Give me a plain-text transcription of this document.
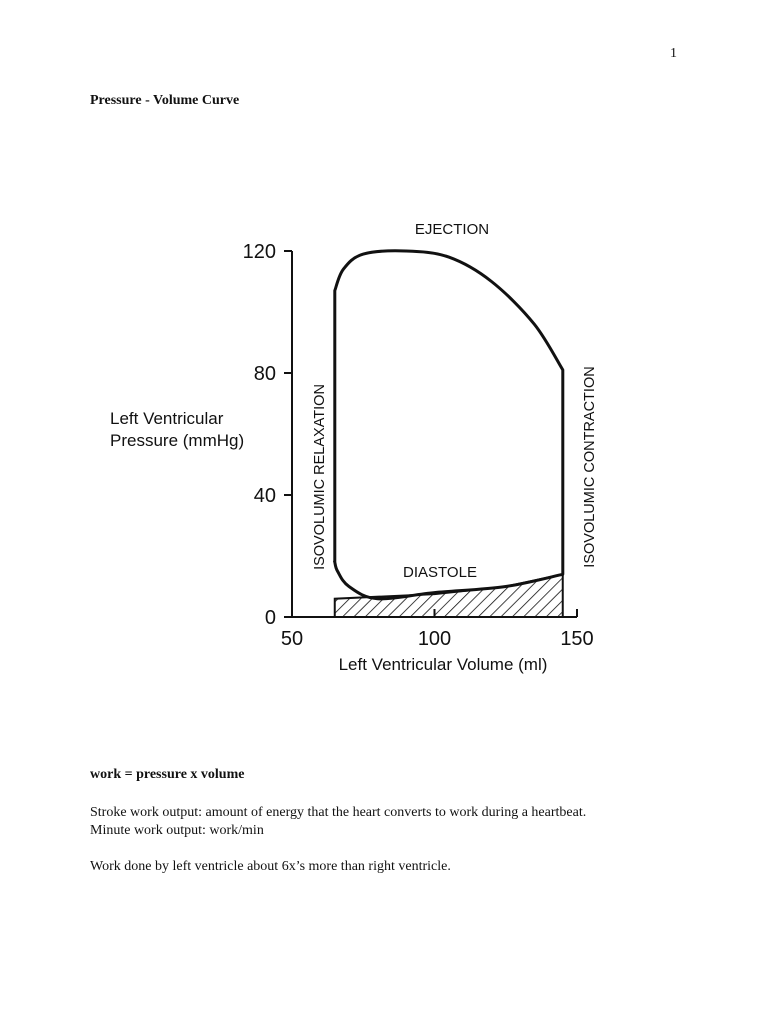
1
Pressure - Volume Curve
0
40
80
120
50	100	150
EJECTION
DIASTOLE
ISOVOLUMIC RELAXATION	ISOVOLUMIC CONTRACTION
Left Ventricular
Pressure (mmHg)
Left Ventricular Volume (ml)
work = pressure x volume
Stroke work output: amount of energy that the heart converts to work during a heartbeat.
Minute work output: work/min
Work done by left ventricle about 6x’s more than right ventricle.
